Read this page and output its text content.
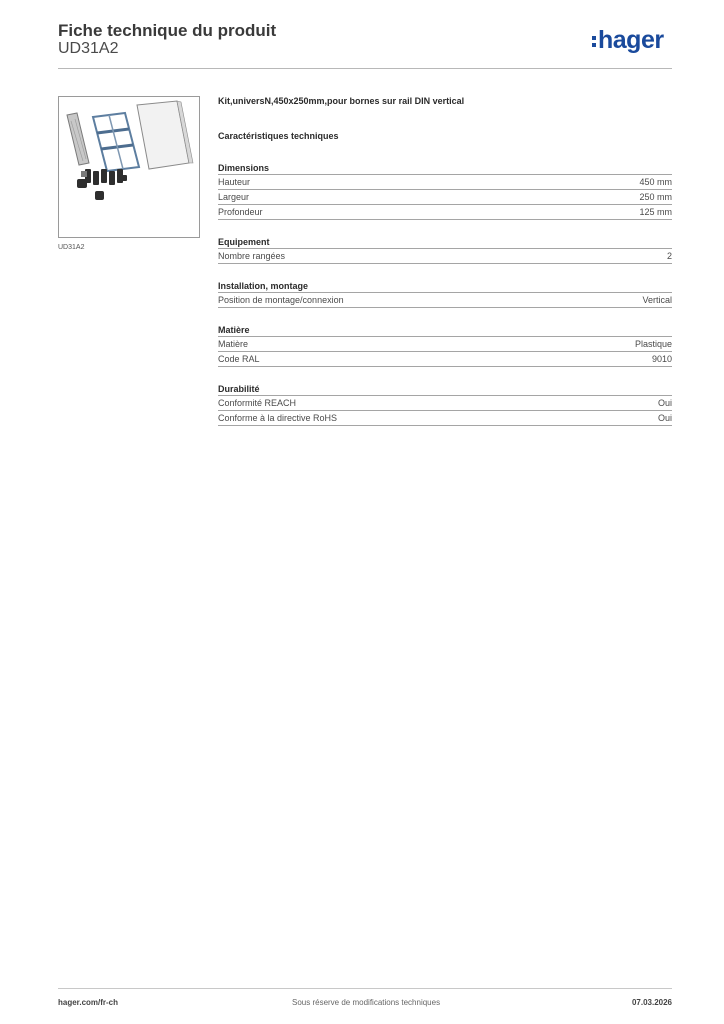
Fiche technique du produit
UD31A2	hager
UD31A2
Kit,universN,450x250mm,pour bornes sur rail DIN vertical
Caractéristiques techniques
Dimensions
Hauteur	450 mm
Largeur	250 mm
Profondeur	125 mm
Equipement
Nombre rangées	2
Installation, montage
Position de montage/connexion	Vertical
Matière
Matière	Plastique
Code RAL	9010
Durabilité
Conformité REACH	Oui
Conforme à la directive RoHS	Oui
hager.com/fr-ch	Sous réserve de modifications techniques	07.03.2026
